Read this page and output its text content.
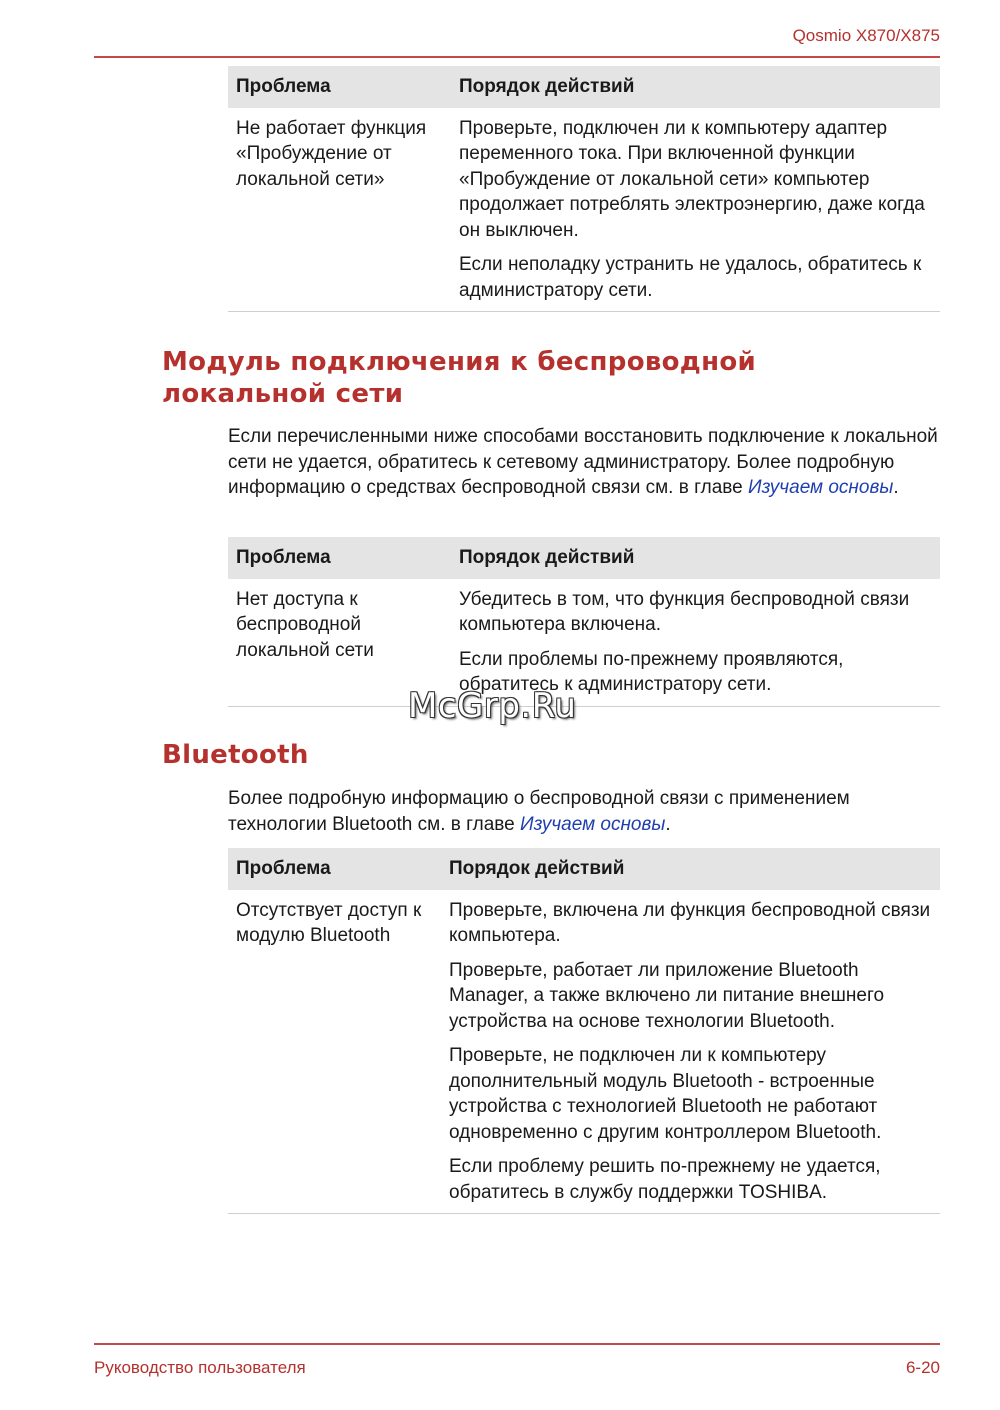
Qosmio X870/X875
Проблема	Порядок действий
Не работает функция «Пробуждение от локальной сети»	Проверьте, подключен ли к компьютеру адаптер переменного тока. При включенной функции «Пробуждение от локальной сети» компьютер продолжает потреблять электроэнергию, даже когда он выключен.

Если неполадку устранить не удалось, обратитесь к администратору сети.

Модуль подключения к беспроводной локальной сети

Если перечисленными ниже способами восстановить подключение к локальной сети не удается, обратитесь к сетевому администратору. Более подробную информацию о средствах беспроводной связи см. в главе Изучаем основы.

Проблема	Порядок действий
Нет доступа к беспроводной локальной сети	Убедитесь в том, что функция беспроводной связи компьютера включена.

Если проблемы по-прежнему проявляются, обратитесь к администратору сети.

McGrp.Ru
Bluetooth

Более подробную информацию о беспроводной связи с применением технологии Bluetooth см. в главе Изучаем основы.

Проблема	Порядок действий
Отсутствует доступ к модулю Bluetooth	Проверьте, включена ли функция беспроводной связи компьютера.

Проверьте, работает ли приложение Bluetooth Manager, а также включено ли питание внешнего устройства на основе технологии Bluetooth.

Проверьте, не подключен ли к компьютеру дополнительный модуль Bluetooth - встроенные устройства с технологией Bluetooth не работают одновременно с другим контроллером Bluetooth.

Если проблему решить по-прежнему не удается, обратитесь в службу поддержки TOSHIBA.

Руководство пользователя	6-20
